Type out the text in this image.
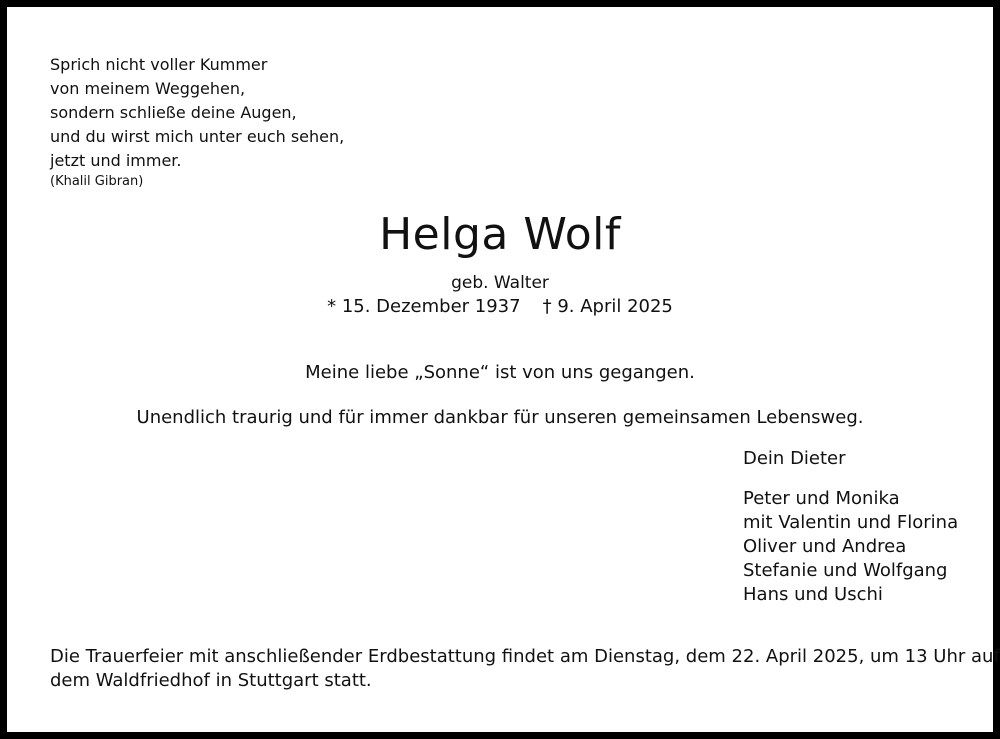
Sprich nicht voller Kummer
von meinem Weggehen,
sondern schließe deine Augen,
und du wirst mich unter euch sehen,
jetzt und immer.
(Khalil Gibran)
Helga Wolf
geb. Walter
* 15. Dezember 1937 † 9. April 2025
Meine liebe „Sonne“ ist von uns gegangen.
Unendlich traurig und für immer dankbar für unseren gemeinsamen Lebensweg.
Dein Dieter
Peter und Monika
mit Valentin und Florina
Oliver und Andrea
Stefanie und Wolfgang
Hans und Uschi
Die Trauerfeier mit anschließender Erdbestattung findet am Dienstag, dem 22. April 2025, um 13 Uhr auf
dem Waldfriedhof in Stuttgart statt.
